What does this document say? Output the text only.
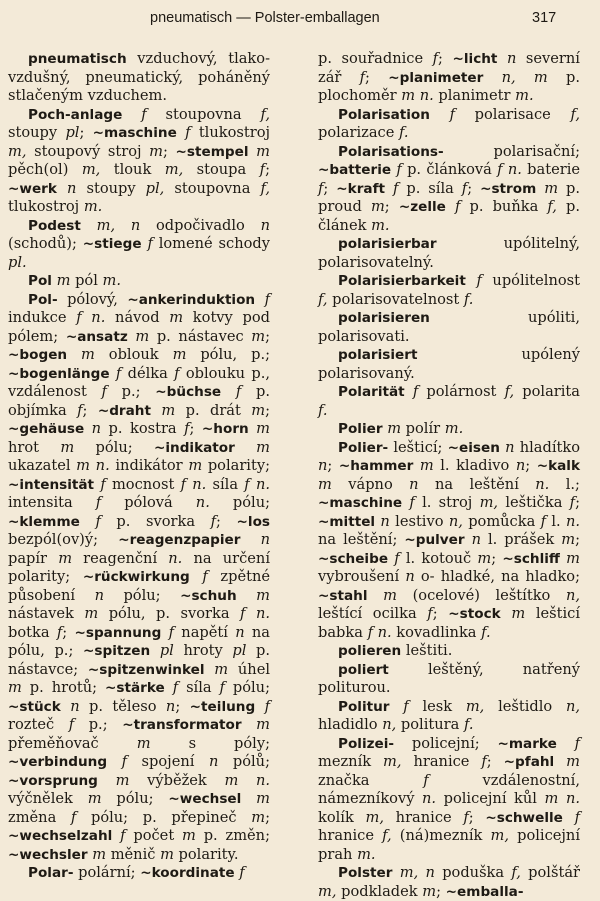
pneumatisch — Polster-emballagen	317

pneumatisch vzduchový, tlako-vzdušný, pneumatický, poháněný stlačeným vzduchem.

Poch-anlage f stoupovna f, stoupy pl; ~maschine f tlukostroj m, stoupový stroj m; ~stempel m pěch(ol) m, tlouk m, stoupa f; ~werk n stoupy pl, stoupovna f, tlukostroj m.

Podest m, n odpočivadlo n (schodů); ~stiege f lomené schody pl.

Pol m pól m.

Pol- pólový, ~ankerinduktion f indukce f n. návod m kotvy pod pólem; ~ansatz m p. nástavec m; ~bogen m oblouk m pólu, p.; ~bogenlänge f délka f oblouku p., vzdálenost f p.; ~büchse f p. objímka f; ~draht m p. drát m; ~gehäuse n p. kostra f; ~horn m hrot m pólu; ~indikator m ukazatel m n. indikátor m polarity; ~intensität f mocnost f n. síla f n. intensita f pólová n. pólu; ~klemme f p. svorka f; ~los bezpól(ov)ý; ~reagenzpapier n papír m reagenční n. na určení polarity; ~rückwirkung f zpětné působení n pólu; ~schuh m nástavek m pólu, p. svorka f n. botka f; ~spannung f napětí n na pólu, p.; ~spitzen pl hroty pl p. nástavce; ~spitzenwinkel m úhel m p. hrotů; ~stärke f síla f pólu; ~stück n p. těleso n; ~teilung f rozteč f p.; ~transformator m přeměňovač m s póly; ~verbindung f spojení n pólů; ~vorsprung m výběžek m n. výčnělek m pólu; ~wechsel m změna f pólu; p. přepineč m; ~wechselzahl f počet m p. změn; ~wechsler m měnič m polarity.

Polar- polární; ~koordinate f

p. souřadnice f; ~licht n severní zář f; ~planimeter n, m p. plochoměr m n. planimetr m.

Polarisation f polarisace f, polarizace f.

Polarisations- polarisační; ~batterie f p. článková f n. baterie f; ~kraft f p. síla f; ~strom m p. proud m; ~zelle f p. buňka f, p. článek m.

polarisierbar upólitelný, polarisovatelný.

Polarisierbarkeit f upólitelnost f, polarisovatelnost f.

polarisieren upóliti, polarisovati.

polarisiert upólený polarisovaný.

Polarität f polárnost f, polarita f.

Polier m polír m.

Polier- lešticí; ~eisen n hladítko n; ~hammer m l. kladivo n; ~kalk m vápno n na leštění n. l.; ~maschine f l. stroj m, leštička f; ~mittel n lestivo n, pomůcka f l. n. na leštění; ~pulver n l. prášek m; ~scheibe f l. kotouč m; ~schliff m vybroušení n o- hladké, na hladko; ~stahl m (ocelové) leštítko n, leštící ocilka f; ~stock m lešticí babka f n. kovadlinka f.

polieren leštiti.

poliert leštěný, natřený politurou.

Politur f lesk m, leštidlo n, hladidlo n, politura f.

Polizei- policejní; ~marke f mezník m, hranice f; ~pfahl m značka f vzdálenostní, námezníkový n. policejní kůl m n. kolík m, hranice f; ~schwelle f hranice f, (ná)mezník m, policejní prah m.

Polster m, n poduška f, polštář m, podkladek m; ~emballa-
